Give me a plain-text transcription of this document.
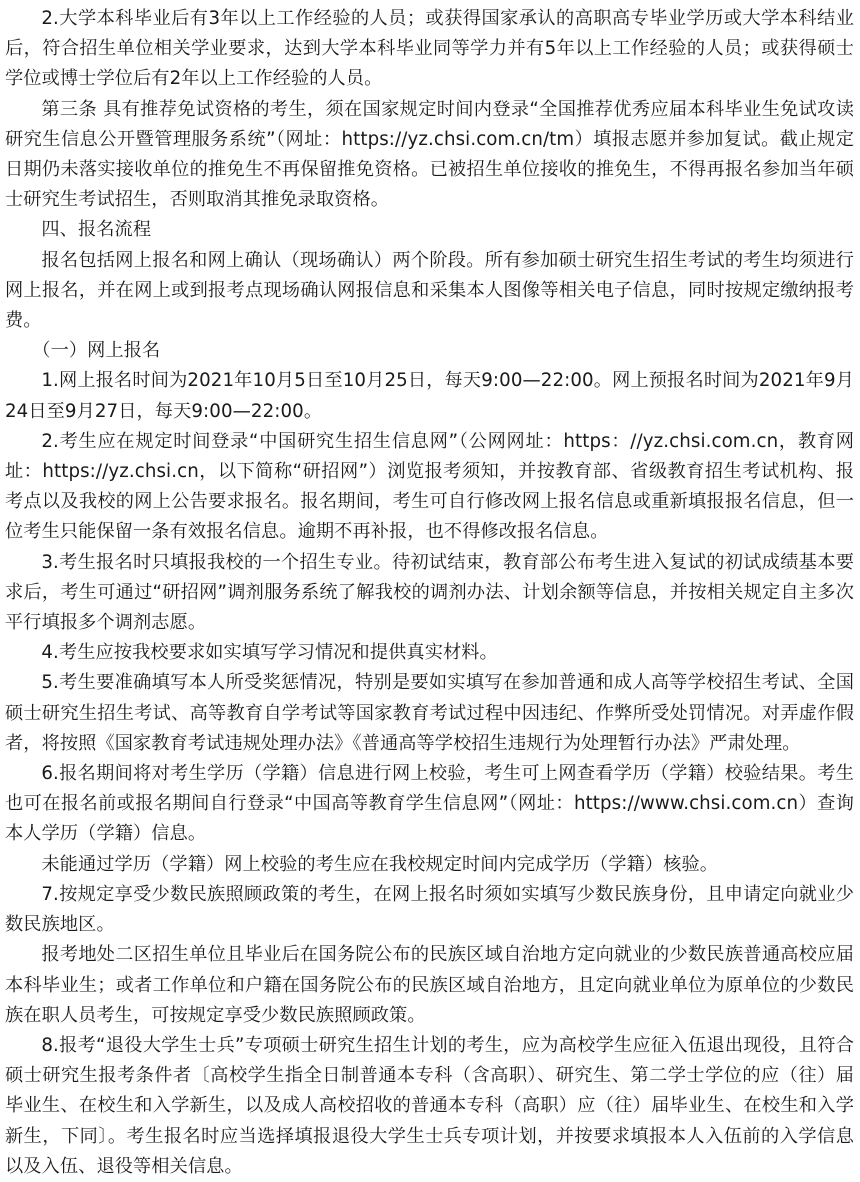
2.大学本科毕业后有3年以上工作经验的人员；或获得国家承认的高职高专毕业学历或大学本科结业后，符合招生单位相关学业要求，达到大学本科毕业同等学力并有5年以上工作经验的人员；或获得硕士学位或博士学位后有2年以上工作经验的人员。

第三条 具有推荐免试资格的考生，须在国家规定时间内登录“全国推荐优秀应届本科毕业生免试攻读研究生信息公开暨管理服务系统”（网址：https://yz.chsi.com.cn/tm）填报志愿并参加复试。截止规定日期仍未落实接收单位的推免生不再保留推免资格。已被招生单位接收的推免生，不得再报名参加当年硕士研究生考试招生，否则取消其推免录取资格。

四、报名流程

报名包括网上报名和网上确认（现场确认）两个阶段。所有参加硕士研究生招生考试的考生均须进行网上报名，并在网上或到报考点现场确认网报信息和采集本人图像等相关电子信息，同时按规定缴纳报考费。

（一）网上报名

1.网上报名时间为2021年10月5日至10月25日，每天9:00—22:00。网上预报名时间为2021年9月24日至9月27日，每天9:00—22:00。

2.考生应在规定时间登录“中国研究生招生信息网”（公网网址：https：//yz.chsi.com.cn，教育网址：https://yz.chsi.cn，以下简称“研招网”）浏览报考须知，并按教育部、省级教育招生考试机构、报考点以及我校的网上公告要求报名。报名期间，考生可自行修改网上报名信息或重新填报报名信息，但一位考生只能保留一条有效报名信息。逾期不再补报，也不得修改报名信息。

3.考生报名时只填报我校的一个招生专业。待初试结束，教育部公布考生进入复试的初试成绩基本要求后，考生可通过“研招网”调剂服务系统了解我校的调剂办法、计划余额等信息，并按相关规定自主多次平行填报多个调剂志愿。

4.考生应按我校要求如实填写学习情况和提供真实材料。

5.考生要准确填写本人所受奖惩情况，特别是要如实填写在参加普通和成人高等学校招生考试、全国硕士研究生招生考试、高等教育自学考试等国家教育考试过程中因违纪、作弊所受处罚情况。对弄虚作假者，将按照《国家教育考试违规处理办法》《普通高等学校招生违规行为处理暂行办法》严肃处理。

6.报名期间将对考生学历（学籍）信息进行网上校验，考生可上网查看学历（学籍）校验结果。考生也可在报名前或报名期间自行登录“中国高等教育学生信息网”（网址：https://www.chsi.com.cn）查询本人学历（学籍）信息。

未能通过学历（学籍）网上校验的考生应在我校规定时间内完成学历（学籍）核验。

7.按规定享受少数民族照顾政策的考生，在网上报名时须如实填写少数民族身份，且申请定向就业少数民族地区。

报考地处二区招生单位且毕业后在国务院公布的民族区域自治地方定向就业的少数民族普通高校应届本科毕业生；或者工作单位和户籍在国务院公布的民族区域自治地方，且定向就业单位为原单位的少数民族在职人员考生，可按规定享受少数民族照顾政策。

8.报考“退役大学生士兵”专项硕士研究生招生计划的考生，应为高校学生应征入伍退出现役，且符合硕士研究生报考条件者〔高校学生指全日制普通本专科（含高职）、研究生、第二学士学位的应（往）届毕业生、在校生和入学新生，以及成人高校招收的普通本专科（高职）应（往）届毕业生、在校生和入学新生，下同〕。考生报名时应当选择填报退役大学生士兵专项计划，并按要求填报本人入伍前的入学信息以及入伍、退役等相关信息。
